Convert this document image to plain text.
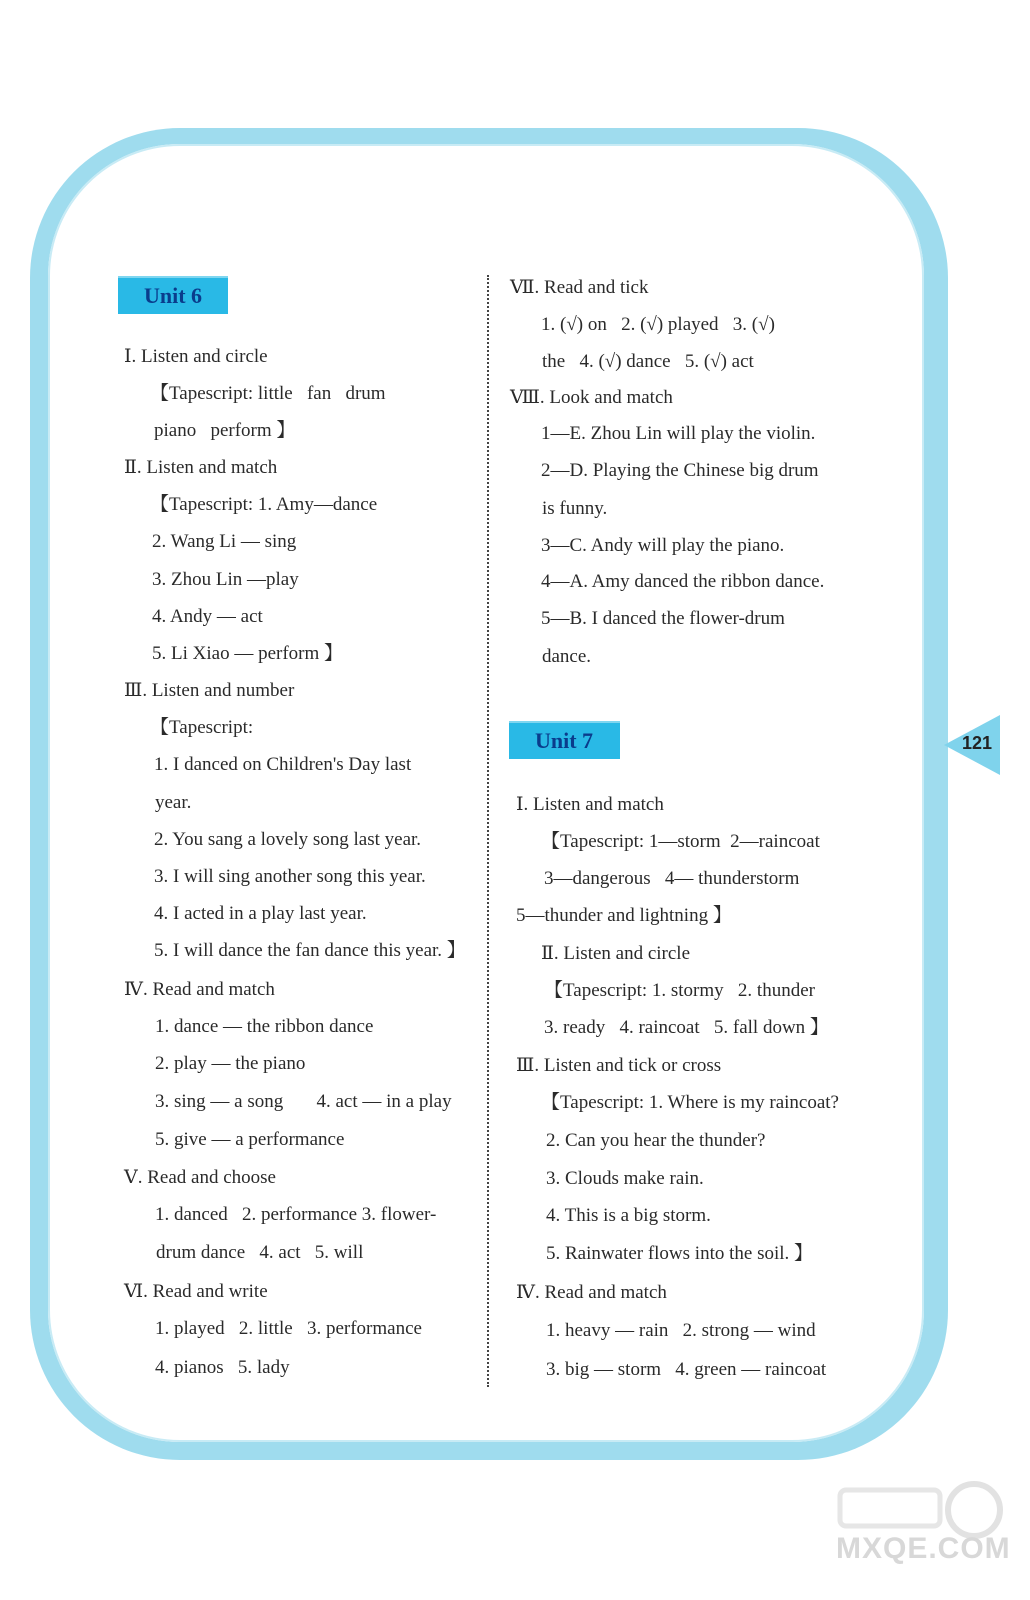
Unit 6
Ⅰ. Listen and circle
【Tapescript: little   fan   drum
piano   perform 】
Ⅱ. Listen and match
【Tapescript: 1. Amy—dance
2. Wang Li — sing
3. Zhou Lin —play
4. Andy — act
5. Li Xiao — perform 】
Ⅲ. Listen and number
【Tapescript:
1. I danced on Children's Day last
year.
2. You sang a lovely song last year.
3. I will sing another song this year.
4. I acted in a play last year.
5. I will dance the fan dance this year. 】
Ⅳ. Read and match
1. dance — the ribbon dance
2. play — the piano
3. sing — a song       4. act — in a play
5. give — a performance
Ⅴ. Read and choose
1. danced   2. performance 3. flower-
drum dance   4. act   5. will
Ⅵ. Read and write
1. played   2. little   3. performance
4. pianos   5. lady
Ⅶ. Read and tick
1. (√) on   2. (√) played   3. (√)
the   4. (√) dance   5. (√) act
Ⅷ. Look and match
1—E. Zhou Lin will play the violin.
2—D. Playing the Chinese big drum
is funny.
3—C. Andy will play the piano.
4—A. Amy danced the ribbon dance.
5—B. I danced the flower-drum
dance.
Unit 7
Ⅰ. Listen and match
【Tapescript: 1—storm  2—raincoat
3—dangerous   4— thunderstorm
5—thunder and lightning 】
Ⅱ. Listen and circle
【Tapescript: 1. stormy   2. thunder
3. ready   4. raincoat   5. fall down 】
Ⅲ. Listen and tick or cross
【Tapescript: 1. Where is my raincoat?
2. Can you hear the thunder?
3. Clouds make rain.
4. This is a big storm.
5. Rainwater flows into the soil. 】
Ⅳ. Read and match
1. heavy — rain   2. strong — wind
3. big — storm   4. green — raincoat
121
MXQE.COM
